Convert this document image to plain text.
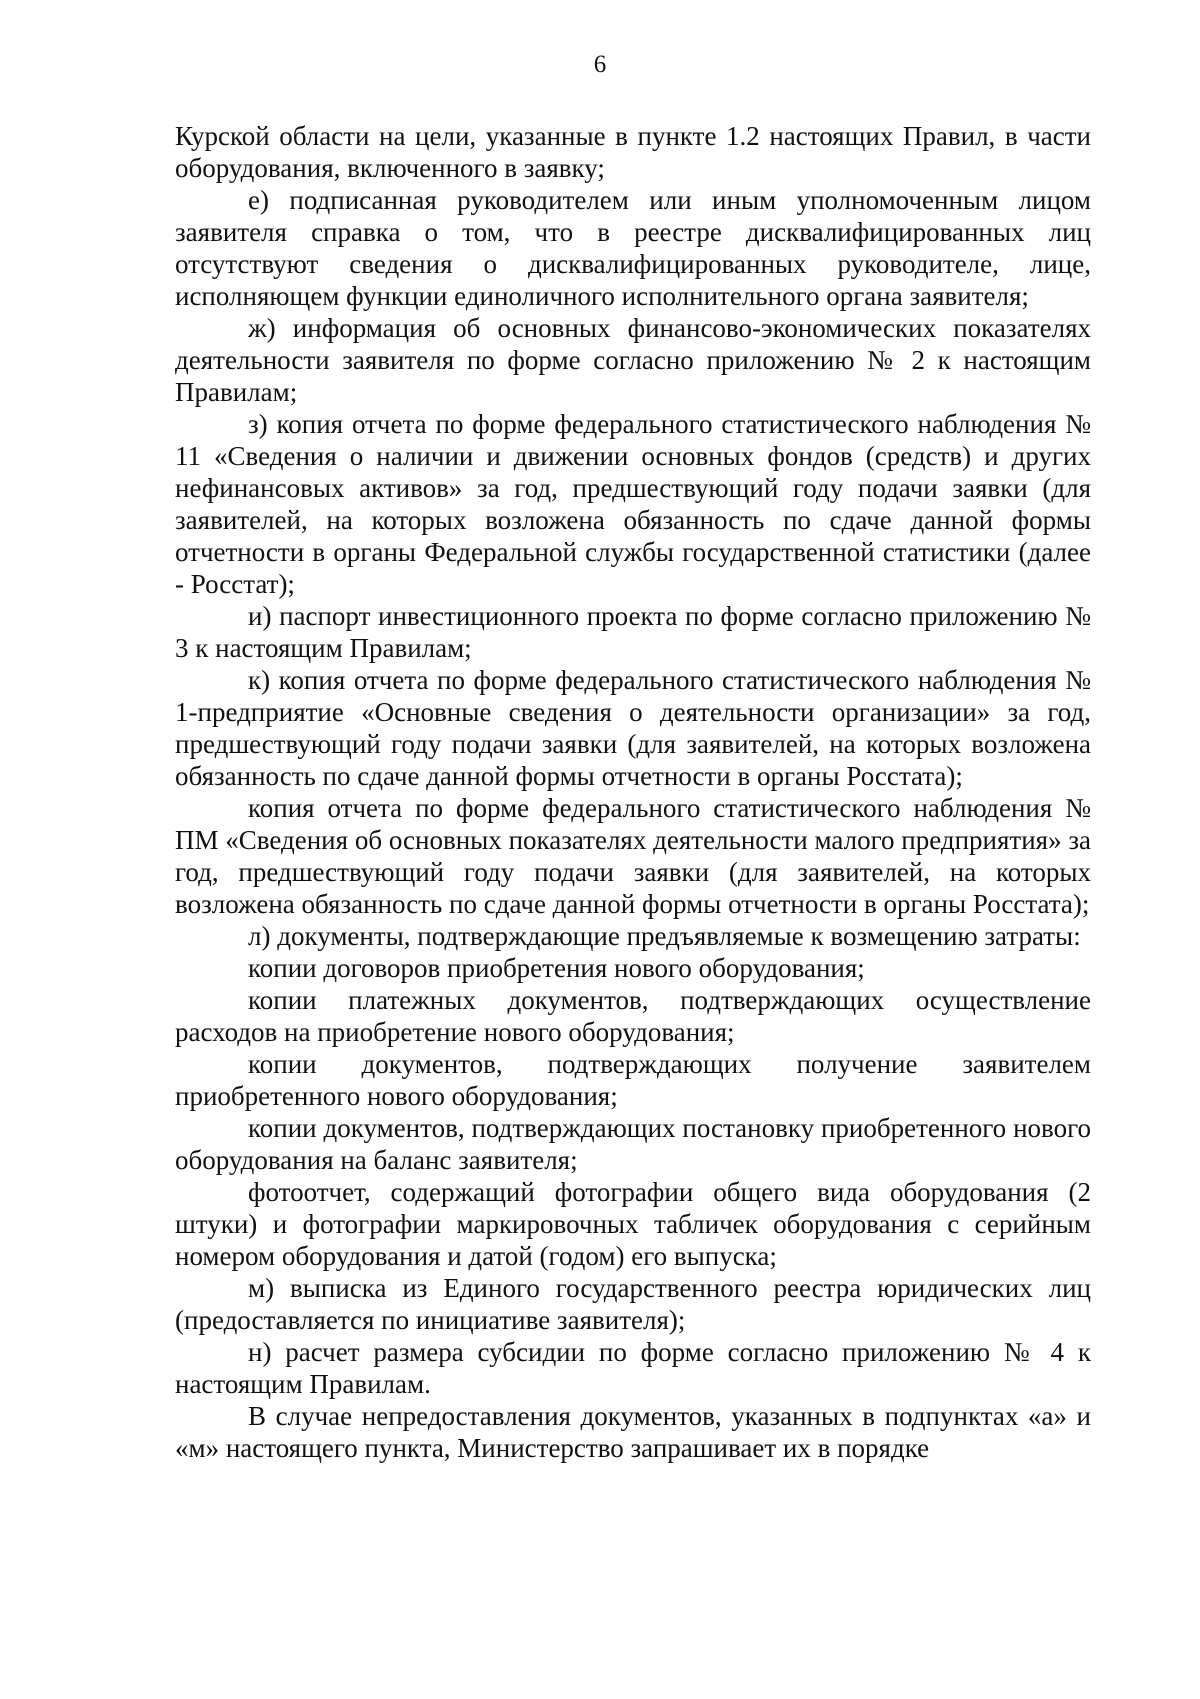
6

Курской области на цели, указанные в пункте 1.2 настоящих Правил, в части оборудования, включенного в заявку;

е) подписанная руководителем или иным уполномоченным лицом заявителя справка о том, что в реестре дисквалифицированных лиц отсутствуют сведения о дисквалифицированных руководителе, лице, исполняющем функции единоличного исполнительного органа заявителя;

ж) информация об основных финансово-экономических показателях деятельности заявителя по форме согласно приложению № 2 к настоящим Правилам;

з) копия отчета по форме федерального статистического наблюдения № 11 «Сведения о наличии и движении основных фондов (средств) и других нефинансовых активов» за год, предшествующий году подачи заявки (для заявителей, на которых возложена обязанность по сдаче данной формы отчетности в органы Федеральной службы государственной статистики (далее - Росстат);

и) паспорт инвестиционного проекта по форме согласно приложению № 3 к настоящим Правилам;

к) копия отчета по форме федерального статистического наблюдения № 1-предприятие «Основные сведения о деятельности организации» за год, предшествующий году подачи заявки (для заявителей, на которых возложена обязанность по сдаче данной формы отчетности в органы Росстата);

копия отчета по форме федерального статистического наблюдения № ПМ «Сведения об основных показателях деятельности малого предприятия» за год, предшествующий году подачи заявки (для заявителей, на которых возложена обязанность по сдаче данной формы отчетности в органы Росстата);

л) документы, подтверждающие предъявляемые к возмещению затраты:

копии договоров приобретения нового оборудования;

копии платежных документов, подтверждающих осуществление расходов на приобретение нового оборудования;

копии документов, подтверждающих получение заявителем приобретенного нового оборудования;

копии документов, подтверждающих постановку приобретенного нового оборудования на баланс заявителя;

фотоотчет, содержащий фотографии общего вида оборудования (2 штуки) и фотографии маркировочных табличек оборудования с серийным номером оборудования и датой (годом) его выпуска;

м) выписка из Единого государственного реестра юридических лиц (предоставляется по инициативе заявителя);

н) расчет размера субсидии по форме согласно приложению № 4 к настоящим Правилам.

В случае непредоставления документов, указанных в подпунктах «а» и «м» настоящего пункта, Министерство запрашивает их в порядке
